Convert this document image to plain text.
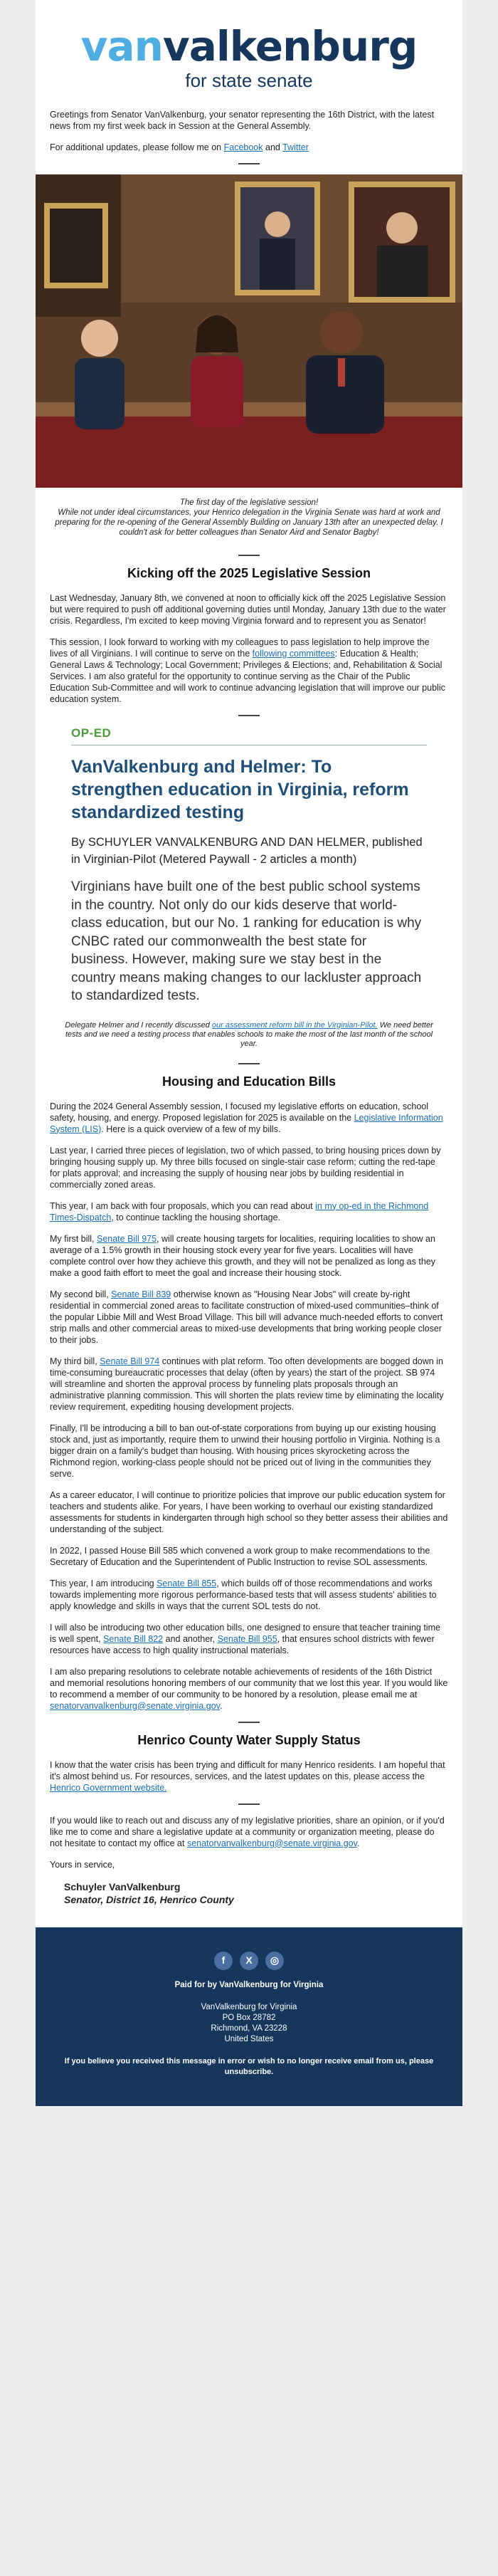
vanvalkenburg
for state senate

Greetings from Senator VanValkenburg, your senator representing the 16th District, with the latest news from my first week back in Session at the General Assembly.

For additional updates, please follow me on Facebook and Twitter

The first day of the legislative session!
While not under ideal circumstances, your Henrico delegation in the Virginia Senate was hard at work and preparing for the re-opening of the General Assembly Building on January 13th after an unexpected delay. I couldn't ask for better colleagues than Senator Aird and Senator Bagby!
Kicking off the 2025 Legislative Session

Last Wednesday, January 8th, we convened at noon to officially kick off the 2025 Legislative Session but were required to push off additional governing duties until Monday, January 13th due to the water crisis. Regardless, I'm excited to keep moving Virginia forward and to represent you as Senator!

This session, I look forward to working with my colleagues to pass legislation to help improve the lives of all Virginians. I will continue to serve on the following committees: Education & Health; General Laws & Technology; Local Government; Privileges & Elections; and, Rehabilitation & Social Services. I am also grateful for the opportunity to continue serving as the Chair of the Public Education Sub-Committee and will work to continue advancing legislation that will improve our public education system.

OP-ED
VanValkenburg and Helmer: To strengthen education in Virginia, reform standardized testing
By SCHUYLER VANVALKENBURG AND DAN HELMER, published in Virginian-Pilot (Metered Paywall - 2 articles a month)
Virginians have built one of the best public school systems in the country. Not only do our kids deserve that world-class education, but our No. 1 ranking for education is why CNBC rated our commonwealth the best state for business. However, making sure we stay best in the country means making changes to our lackluster approach to standardized tests.
Delegate Helmer and I recently discussed our assessment reform bill in the Virginian-Pilot. We need better tests and we need a testing process that enables schools to make the most of the last month of the school year.
Housing and Education Bills

During the 2024 General Assembly session, I focused my legislative efforts on education, school safety, housing, and energy. Proposed legislation for 2025 is available on the Legislative Information System (LIS). Here is a quick overview of a few of my bills.

Last year, I carried three pieces of legislation, two of which passed, to bring housing prices down by bringing housing supply up. My three bills focused on single-stair case reform; cutting the red-tape for plats approval; and increasing the supply of housing near jobs by building residential in commercially zoned areas.

This year, I am back with four proposals, which you can read about in my op-ed in the Richmond Times-Dispatch, to continue tackling the housing shortage.

My first bill, Senate Bill 975, will create housing targets for localities, requiring localities to show an average of a 1.5% growth in their housing stock every year for five years. Localities will have complete control over how they achieve this growth, and they will not be penalized as long as they make a good faith effort to meet the goal and increase their housing stock.

My second bill, Senate Bill 839 otherwise known as "Housing Near Jobs" will create by-right residential in commercial zoned areas to facilitate construction of mixed-used communities–think of the popular Libbie Mill and West Broad Village. This bill will advance much-needed efforts to convert strip malls and other commercial areas to mixed-use developments that bring working people closer to their jobs.

My third bill, Senate Bill 974 continues with plat reform. Too often developments are bogged down in time-consuming bureaucratic processes that delay (often by years) the start of the project. SB 974 will streamline and shorten the approval process by funneling plats proposals through an administrative planning commission. This will shorten the plats review time by eliminating the locality review requirement, expediting housing development projects.

Finally, I'll be introducing a bill to ban out-of-state corporations from buying up our existing housing stock and, just as importantly, require them to unwind their housing portfolio in Virginia. Nothing is a bigger drain on a family's budget than housing. With housing prices skyrocketing across the Richmond region, working-class people should not be priced out of living in the communities they serve.

As a career educator, I will continue to prioritize policies that improve our public education system for teachers and students alike. For years, I have been working to overhaul our existing standardized assessments for students in kindergarten through high school so they better assess their abilities and understanding of the subject.

In 2022, I passed House Bill 585 which convened a work group to make recommendations to the Secretary of Education and the Superintendent of Public Instruction to revise SOL assessments.

This year, I am introducing Senate Bill 855, which builds off of those recommendations and works towards implementing more rigorous performance-based tests that will assess students' abilities to apply knowledge and skills in ways that the current SOL tests do not.

I will also be introducing two other education bills, one designed to ensure that teacher training time is well spent, Senate Bill 822 and another, Senate Bill 955, that ensures school districts with fewer resources have access to high quality instructional materials.

I am also preparing resolutions to celebrate notable achievements of residents of the 16th District and memorial resolutions honoring members of our community that we lost this year. If you would like to recommend a member of our community to be honored by a resolution, please email me at senatorvanvalkenburg@senate.virginia.gov.

Henrico County Water Supply Status

I know that the water crisis has been trying and difficult for many Henrico residents. I am hopeful that it's almost behind us. For resources, services, and the latest updates on this, please access the Henrico Government website.

If you would like to reach out and discuss any of my legislative priorities, share an opinion, or if you'd like me to come and share a legislative update at a community or organization meeting, please do not hesitate to contact my office at senatorvanvalkenburg@senate.virginia.gov.

Yours in service,

Schuyler VanValkenburg
Senator, District 16, Henrico County
f	X	◎
Paid for by VanValkenburg for Virginia
VanValkenburg for Virginia
PO Box 28782
Richmond, VA 23228
United States
If you believe you received this message in error or wish to no longer receive email from us, please unsubscribe.
